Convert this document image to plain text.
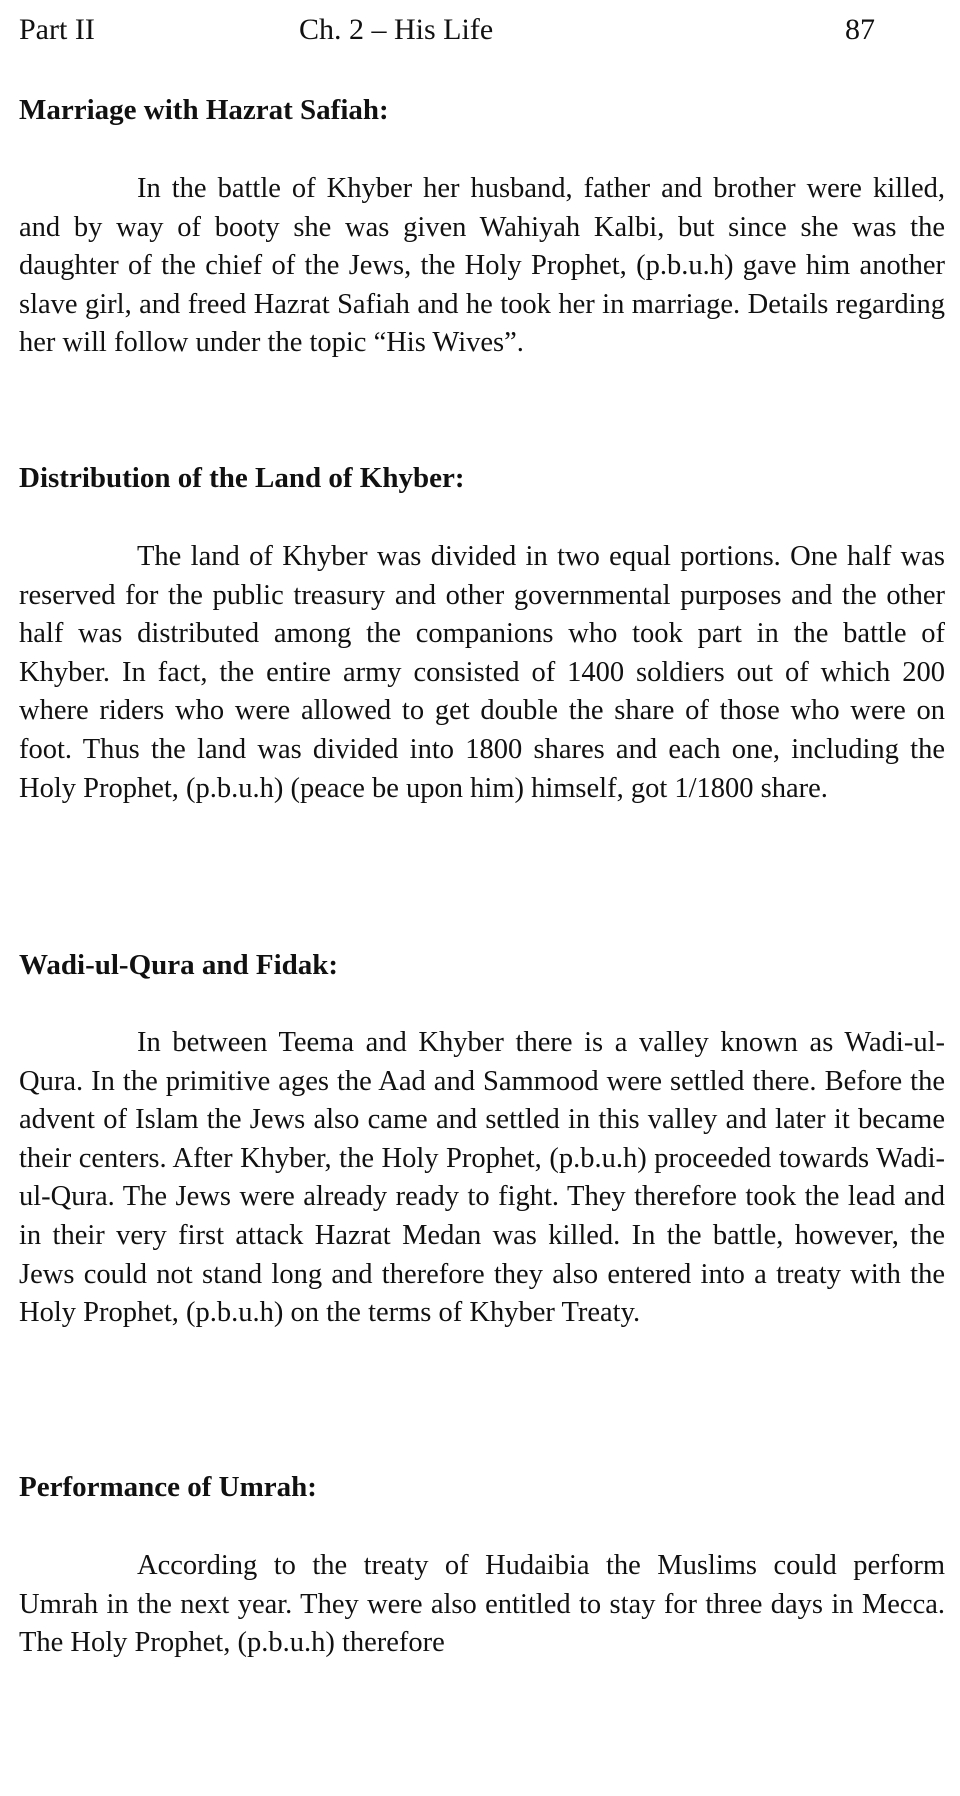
Part II	Ch. 2 – His Life	87
Marriage with Hazrat Safiah:

In the battle of Khyber her husband, father and brother were killed, and by way of booty she was given Wahiyah Kalbi, but since she was the daughter of the chief of the Jews, the Holy Prophet, (p.b.u.h) gave him another slave girl, and freed Hazrat Safiah and he took her in marriage. Details regarding her will follow under the topic “His Wives”.

Distribution of the Land of Khyber:

The land of Khyber was divided in two equal portions. One half was reserved for the public treasury and other governmental purposes and the other half was distributed among the companions who took part in the battle of Khyber. In fact, the entire army consisted of 1400 soldiers out of which 200 where riders who were allowed to get double the share of those who were on foot. Thus the land was divided into 1800 shares and each one, including the Holy Prophet, (p.b.u.h) (peace be upon him) himself, got 1/1800 share.

Wadi-ul-Qura and Fidak:

In between Teema and Khyber there is a valley known as Wadi-ul-Qura. In the primitive ages the Aad and Sammood were settled there. Before the advent of Islam the Jews also came and settled in this valley and later it became their centers. After Khyber, the Holy Prophet, (p.b.u.h) proceeded towards Wadi-ul-Qura. The Jews were already ready to fight. They therefore took the lead and in their very first attack Hazrat Medan was killed. In the battle, however, the Jews could not stand long and therefore they also entered into a treaty with the Holy Prophet, (p.b.u.h) on the terms of Khyber Treaty.

Performance of Umrah:

According to the treaty of Hudaibia the Muslims could perform Umrah in the next year. They were also entitled to stay for three days in Mecca. The Holy Prophet, (p.b.u.h) therefore
